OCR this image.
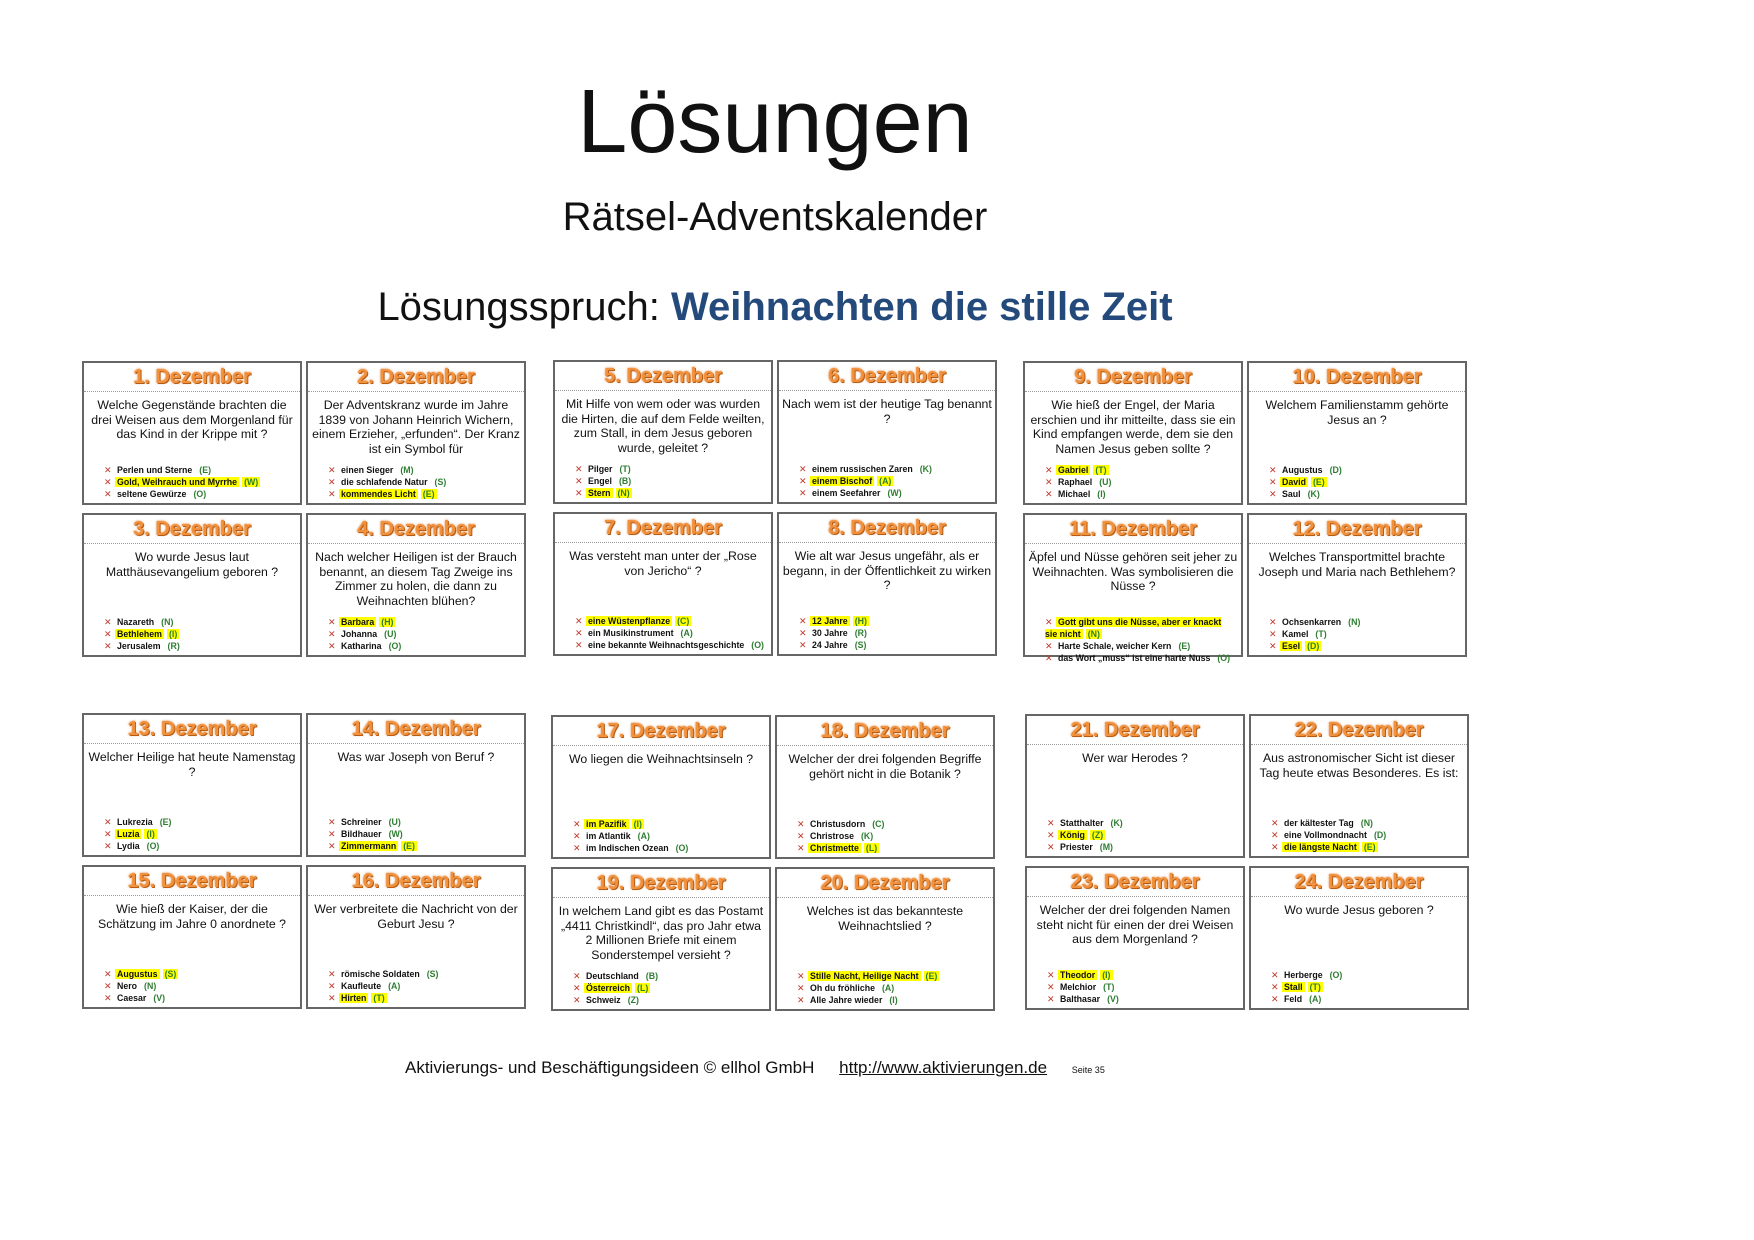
Lösungen
Rätsel-Adventskalender
Lösungsspruch: Weihnachten die stille Zeit
1. Dezember
Welche Gegenstände brachten die drei Weisen aus dem Morgenland für das Kind in der Krippe mit ?
✕ Perlen und Sterne (E)
✕ Gold, Weihrauch und Myrrhe (W)
✕ seltene Gewürze (O)
2. Dezember
Der Adventskranz wurde im Jahre 1839 von Johann Heinrich Wichern, einem Erzieher, „erfunden“. Der Kranz ist ein Symbol für
✕ einen Sieger (M)
✕ die schlafende Natur (S)
✕ kommendes Licht (E)
3. Dezember
Wo wurde Jesus laut Matthäusevangelium geboren ?
✕ Nazareth (N)
✕ Bethlehem (I)
✕ Jerusalem (R)
4. Dezember
Nach welcher Heiligen ist der Brauch benannt, an diesem Tag Zweige ins Zimmer zu holen, die dann zu Weihnachten blühen?
✕ Barbara (H)
✕ Johanna (U)
✕ Katharina (O)
5. Dezember
Mit Hilfe von wem oder was wurden die Hirten, die auf dem Felde weilten, zum Stall, in dem Jesus geboren wurde, geleitet ?
✕ Pilger (T)
✕ Engel (B)
✕ Stern (N)
6. Dezember
Nach wem ist der heutige Tag benannt ?
✕ einem russischen Zaren (K)
✕ einem Bischof (A)
✕ einem Seefahrer (W)
7. Dezember
Was versteht man unter der „Rose von Jericho“ ?
✕ eine Wüstenpflanze (C)
✕ ein Musikinstrument (A)
✕ eine bekannte Weihnachtsgeschichte (O)
8. Dezember
Wie alt war Jesus ungefähr, als er begann, in der Öffentlichkeit zu wirken ?
✕ 12 Jahre (H)
✕ 30 Jahre (R)
✕ 24 Jahre (S)
9. Dezember
Wie hieß der Engel, der Maria erschien und ihr mitteilte, dass sie ein Kind empfangen werde, dem sie den Namen Jesus geben sollte ?
✕ Gabriel (T)
✕ Raphael (U)
✕ Michael (I)
10. Dezember
Welchem Familienstamm gehörte Jesus an ?
✕ Augustus (D)
✕ David (E)
✕ Saul (K)
11. Dezember
Äpfel und Nüsse gehören seit jeher zu Weihnachten. Was symbolisieren die Nüsse ?
✕ Gott gibt uns die Nüsse, aber er knackt sie nicht (N)
✕ Harte Schale, weicher Kern (E)
✕ das Wort „muss“ ist eine harte Nuss (O)
12. Dezember
Welches Transportmittel brachte Joseph und Maria nach Bethlehem?
✕ Ochsenkarren (N)
✕ Kamel (T)
✕ Esel (D)
13. Dezember
Welcher Heilige hat heute Namenstag ?
✕ Lukrezia (E)
✕ Luzia (I)
✕ Lydia (O)
14. Dezember
Was war Joseph von Beruf ?
✕ Schreiner (U)
✕ Bildhauer (W)
✕ Zimmermann (E)
15. Dezember
Wie hieß der Kaiser, der die Schätzung im Jahre 0 anordnete ?
✕ Augustus (S)
✕ Nero (N)
✕ Caesar (V)
16. Dezember
Wer verbreitete die Nachricht von der Geburt Jesu ?
✕ römische Soldaten (S)
✕ Kaufleute (A)
✕ Hirten (T)
17. Dezember
Wo liegen die Weihnachtsinseln ?
✕ im Pazifik (I)
✕ im Atlantik (A)
✕ im Indischen Ozean (O)
18. Dezember
Welcher der drei folgenden Begriffe gehört nicht in die Botanik ?
✕ Christusdorn (C)
✕ Christrose (K)
✕ Christmette (L)
19. Dezember
In welchem Land gibt es das Postamt „4411 Christkindl“, das pro Jahr etwa 2 Millionen Briefe mit einem Sonderstempel versieht ?
✕ Deutschland (B)
✕ Österreich (L)
✕ Schweiz (Z)
20. Dezember
Welches ist das bekannteste Weihnachtslied ?
✕ Stille Nacht, Heilige Nacht (E)
✕ Oh du fröhliche (A)
✕ Alle Jahre wieder (I)
21. Dezember
Wer war Herodes ?
✕ Statthalter (K)
✕ König (Z)
✕ Priester (M)
22. Dezember
Aus astronomischer Sicht ist dieser Tag heute etwas Besonderes. Es ist:
✕ der kältester Tag (N)
✕ eine Vollmondnacht (D)
✕ die längste Nacht (E)
23. Dezember
Welcher der drei folgenden Namen steht nicht für einen der drei Weisen aus dem Morgenland ?
✕ Theodor (I)
✕ Melchior (T)
✕ Balthasar (V)
24. Dezember
Wo wurde Jesus geboren ?
✕ Herberge (O)
✕ Stall (T)
✕ Feld (A)
Aktivierungs- und Beschäftigungsideen © ellhol GmbH http://www.aktivierungen.de	Seite 35
